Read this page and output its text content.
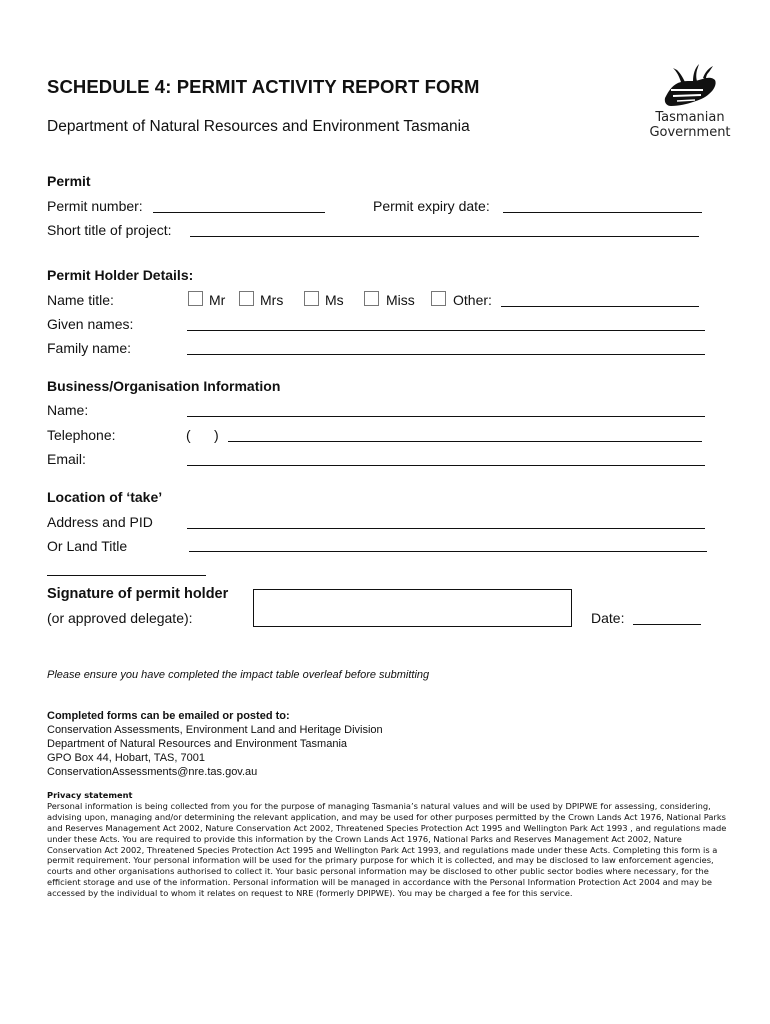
SCHEDULE 4: PERMIT ACTIVITY REPORT FORM
Department of Natural Resources and Environment Tasmania
Tasmanian
Government
Permit
Permit number:	Permit expiry date:
Short title of project:
Permit Holder Details:
Name title:	Mr Mrs	Ms	Miss	Other:
Given names:
Family name:
Business/Organisation Information
Name:
Telephone:	(      )
Email:
Location of ‘take’
Address and PID
Or Land Title
Signature of permit holder
(or approved delegate):	Date:
Please ensure you have completed the impact table overleaf before submitting
Completed forms can be emailed or posted to:
Conservation Assessments, Environment Land and Heritage Division
Department of Natural Resources and Environment Tasmania
GPO Box 44, Hobart, TAS, 7001
ConservationAssessments@nre.tas.gov.au
Privacy statement
Personal information is being collected from you for the purpose of managing Tasmania’s natural values and will be used by DPIPWE for assessing, considering, advising upon, managing and/or determining the relevant application, and may be used for other purposes permitted by the Crown Lands Act 1976, National Parks and Reserves Management Act 2002, Nature Conservation Act 2002, Threatened Species Protection Act 1995 and Wellington Park Act 1993 , and regulations made under these Acts. You are required to provide this information by the Crown Lands Act 1976, National Parks and Reserves Management Act 2002, Nature Conservation Act 2002, Threatened Species Protection Act 1995 and Wellington Park Act 1993, and regulations made under these Acts. Completing this form is a permit requirement. Your personal information will be used for the primary purpose for which it is collected, and may be disclosed to law enforcement agencies, courts and other organisations authorised to collect it. Your basic personal information may be disclosed to other public sector bodies where necessary, for the efficient storage and use of the information. Personal information will be managed in accordance with the Personal Information Protection Act 2004 and may be accessed by the individual to whom it relates on request to NRE (formerly DPIPWE). You may be charged a fee for this service.
